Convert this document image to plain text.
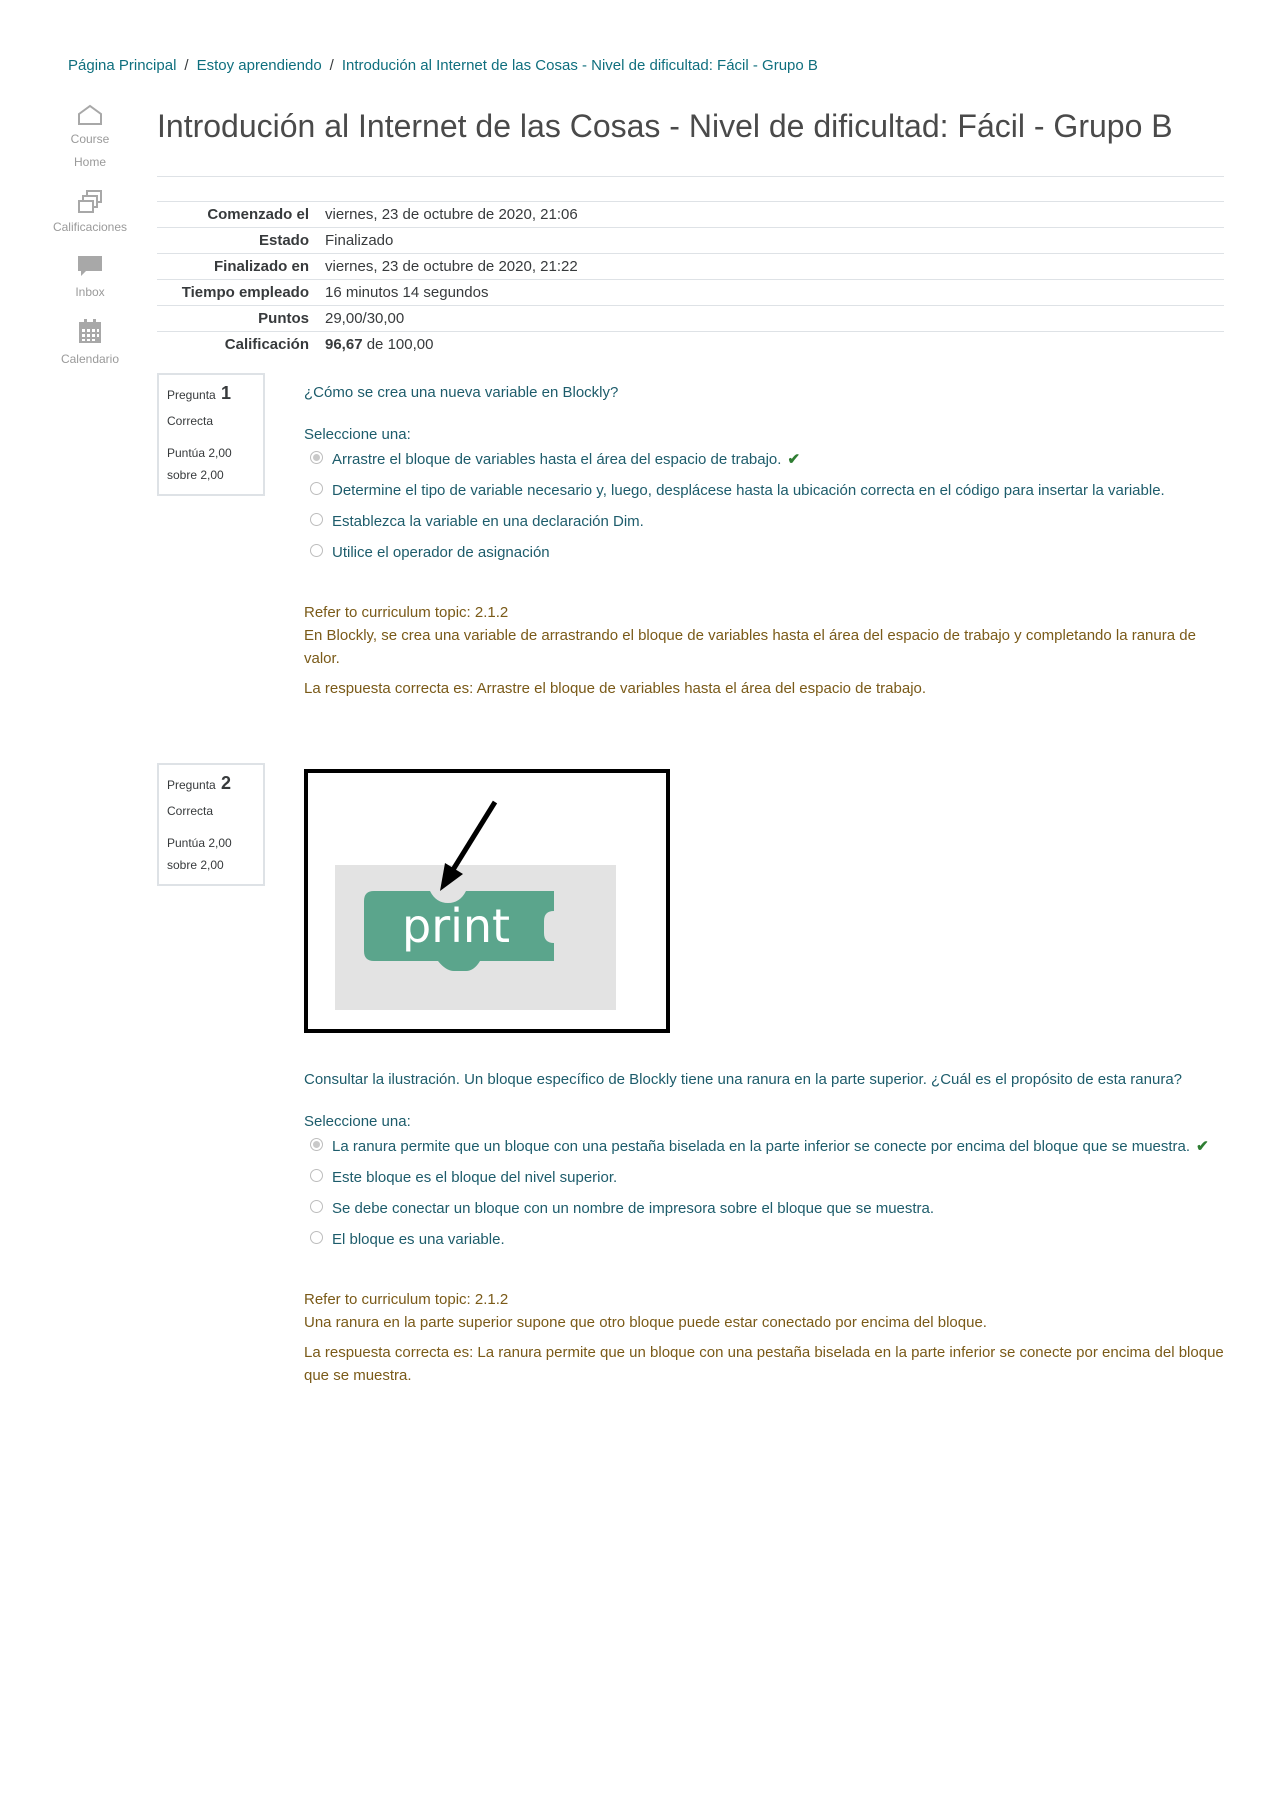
Página Principal / Estoy aprendiendo / Introdución al Internet de las Cosas - Nivel de dificultad: Fácil - Grupo B
Course
Home
Calificaciones
Inbox
Calendario
Introdución al Internet de las Cosas - Nivel de dificultad: Fácil - Grupo B
Comenzado el	viernes, 23 de octubre de 2020, 21:06
Estado	Finalizado
Finalizado en	viernes, 23 de octubre de 2020, 21:22
Tiempo empleado	16 minutos 14 segundos
Puntos	29,00/30,00
Calificación	96,67 de 100,00
Pregunta 1
Correcta
Puntúa 2,00
sobre 2,00

¿Cómo se crea una nueva variable en Blockly?

Seleccione una:
Arrastre el bloque de variables hasta el área del espacio de trabajo. ✔
Determine el tipo de variable necesario y, luego, desplácese hasta la ubicación correcta en el código para insertar la variable.
Establezca la variable en una declaración Dim.
Utilice el operador de asignación
Refer to curriculum topic: 2.1.2
En Blockly, se crea una variable de arrastrando el bloque de variables hasta el área del espacio de trabajo y completando la ranura de valor.
La respuesta correcta es: Arrastre el bloque de variables hasta el área del espacio de trabajo.
Pregunta 2
Correcta
Puntúa 2,00
sobre 2,00
print

Consultar la ilustración. Un bloque específico de Blockly tiene una ranura en la parte superior. ¿Cuál es el propósito de esta ranura?

Seleccione una:
La ranura permite que un bloque con una pestaña biselada en la parte inferior se conecte por encima del bloque que se muestra. ✔
Este bloque es el bloque del nivel superior.
Se debe conectar un bloque con un nombre de impresora sobre el bloque que se muestra.
El bloque es una variable.
Refer to curriculum topic: 2.1.2
Una ranura en la parte superior supone que otro bloque puede estar conectado por encima del bloque.
La respuesta correcta es: La ranura permite que un bloque con una pestaña biselada en la parte inferior se conecte por encima del bloque que se muestra.
